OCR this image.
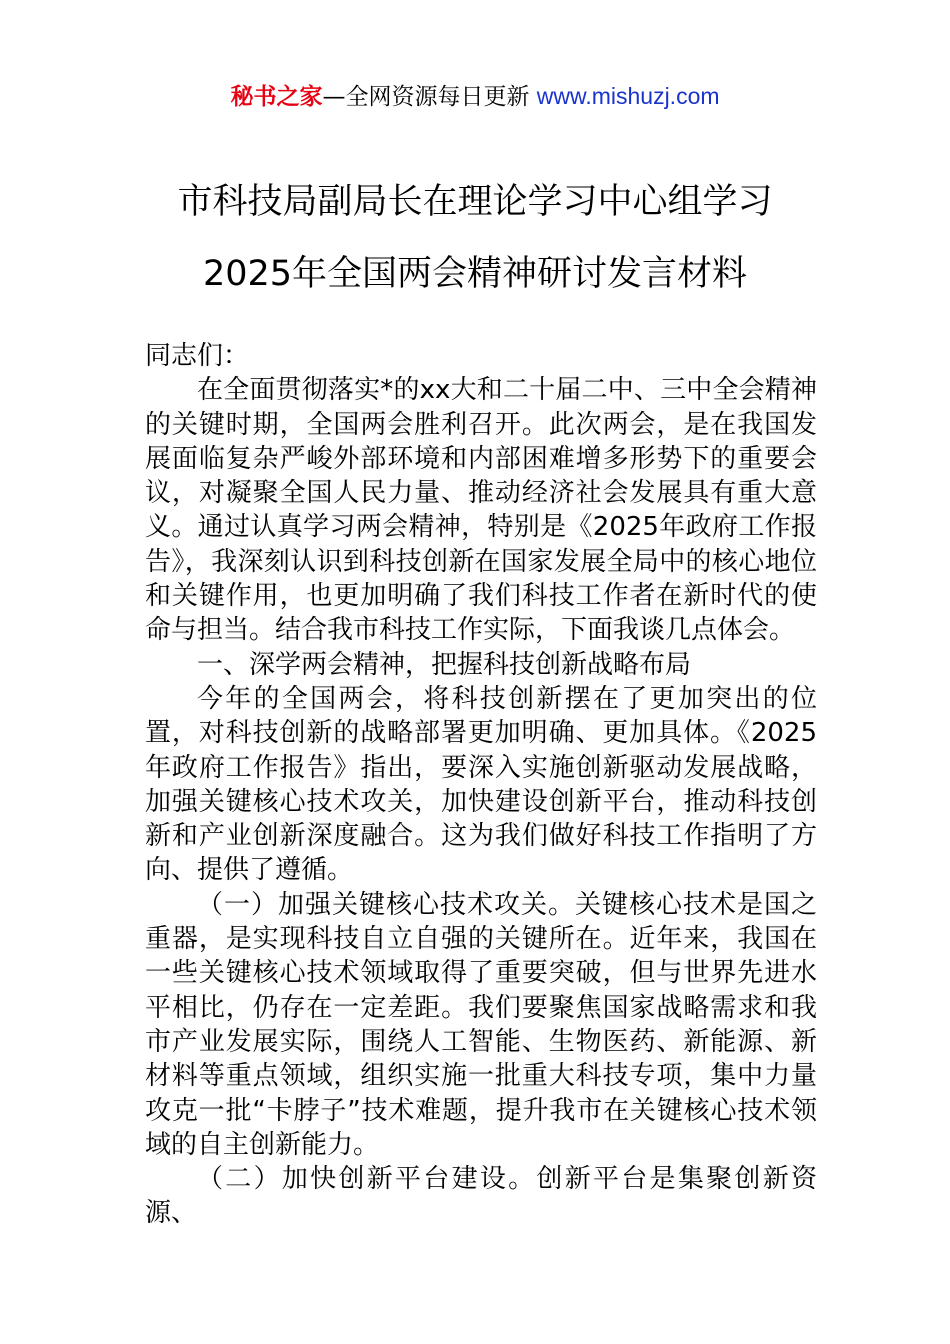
秘书之家—全网资源每日更新 www.mishuzj.com
市科技局副局长在理论学习中心组学习
2025年全国两会精神研讨发言材料

同志们：

在全面贯彻落实*的xx大和二十届二中、三中全会精神的关键时期，全国两会胜利召开。此次两会，是在我国发展面临复杂严峻外部环境和内部困难增多形势下的重要会议，对凝聚全国人民力量、推动经济社会发展具有重大意义。通过认真学习两会精神，特别是《2025年政府工作报告》，我深刻认识到科技创新在国家发展全局中的核心地位和关键作用，也更加明确了我们科技工作者在新时代的使命与担当。结合我市科技工作实际，下面我谈几点体会。

一、深学两会精神，把握科技创新战略布局

今年的全国两会，将科技创新摆在了更加突出的位置，对科技创新的战略部署更加明确、更加具体。《2025年政府工作报告》指出，要深入实施创新驱动发展战略，加强关键核心技术攻关，加快建设创新平台，推动科技创新和产业创新深度融合。这为我们做好科技工作指明了方向、提供了遵循。

（一）加强关键核心技术攻关。关键核心技术是国之重器，是实现科技自立自强的关键所在。近年来，我国在一些关键核心技术领域取得了重要突破，但与世界先进水平相比，仍存在一定差距。我们要聚焦国家战略需求和我市产业发展实际，围绕人工智能、生物医药、新能源、新材料等重点领域，组织实施一批重大科技专项，集中力量攻克一批“卡脖子”技术难题，提升我市在关键核心技术领域的自主创新能力。

（二）加快创新平台建设。创新平台是集聚创新资源、
